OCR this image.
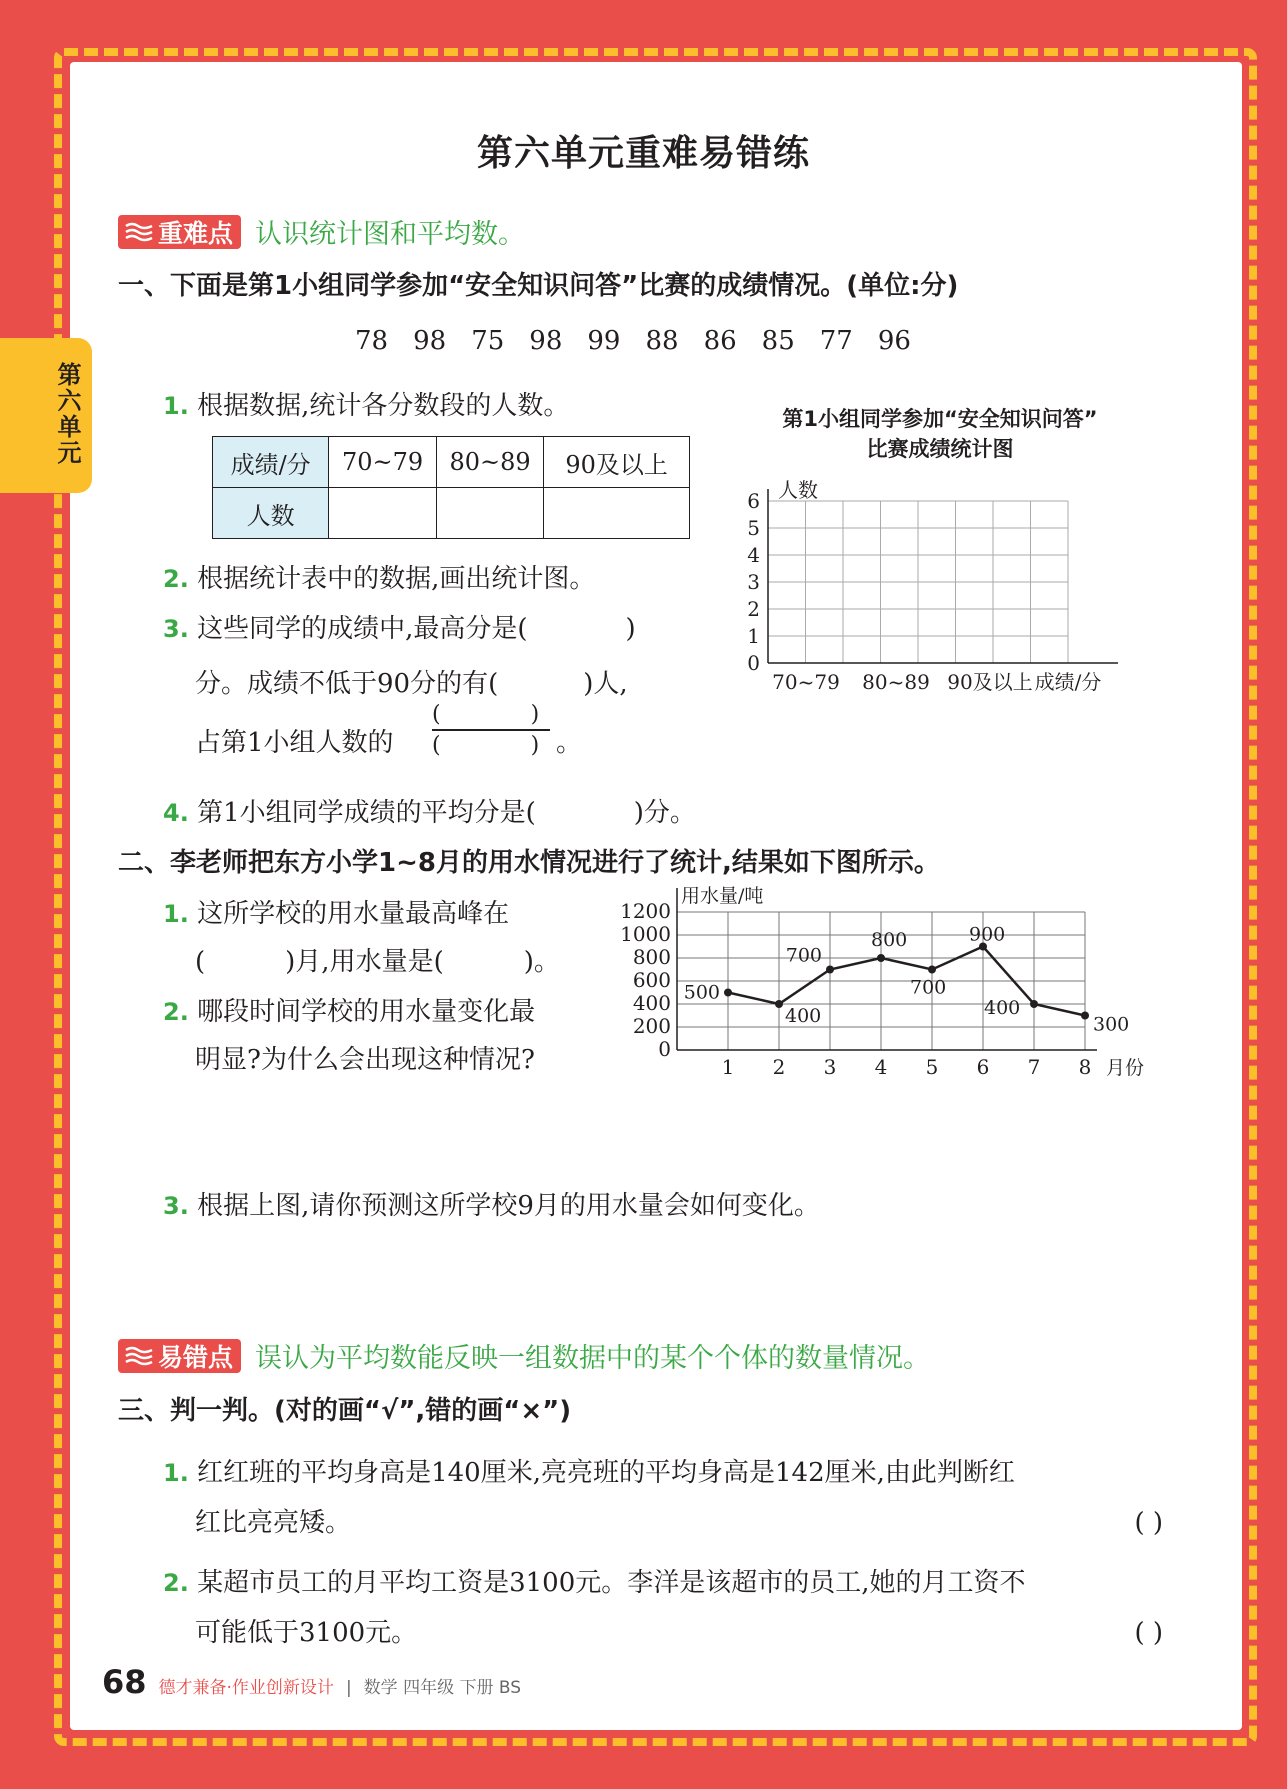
第六单元
第六单元重难易错练
重难点 认识统计图和平均数。
一、下面是第1小组同学参加“安全知识问答”比赛的成绩情况。(单位:分)
78 98 75 98 99 88 86 85 77 96
1. 根据数据,统计各分数段的人数。
成绩/分	70~79	80~89	90及以上
人数			
2. 根据统计表中的数据,画出统计图。
3. 这些同学的成绩中,最高分是(	)
分。成绩不低于90分的有(	)人,
占第1小组人数的
(	)
(	) 。
4. 第1小组同学成绩的平均分是(	)分。
第1小组同学参加“安全知识问答”
比赛成绩统计图
0
1
2
3
4
5
6 人数
70~79 80~89 90及以上 成绩/分
二、李老师把东方小学1~8月的用水情况进行了统计,结果如下图所示。
1. 这所学校的用水量最高峰在
(	)月,用水量是(	)。
2. 哪段时间学校的用水量变化最
明显?为什么会出现这种情况?	0
200
400
600
800
1000
1200
用水量/吨
月份
500
1
400
2
700
3
800
4
700
5
900
6
400
7
300
8
3. 根据上图,请你预测这所学校9月的用水量会如何变化。
易错点 误认为平均数能反映一组数据中的某个个体的数量情况。
三、判一判。(对的画“√”,错的画“×”)
1. 红红班的平均身高是140厘米,亮亮班的平均身高是142厘米,由此判断红
红比亮亮矮。	( )
2. 某超市员工的月平均工资是3100元。李洋是该超市的员工,她的月工资不
可能低于3100元。	( )
68 德才兼备·作业创新设计 | 数学 四年级 下册 BS
